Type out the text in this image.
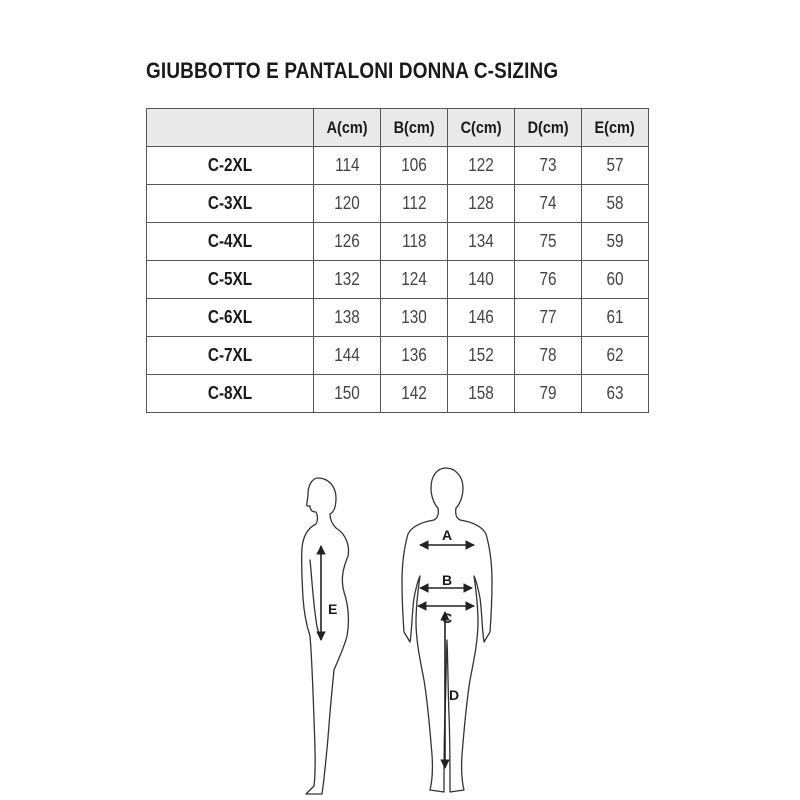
GIUBBOTTO E PANTALONI DONNA C-SIZING
	A(cm)	B(cm)	C(cm)	D(cm)	E(cm)
C-2XL	114	106	122	73	57
C-3XL	120	112	128	74	58
C-4XL	126	118	134	75	59
C-5XL	132	124	140	76	60
C-6XL	138	130	146	77	61
C-7XL	144	136	152	78	62
C-8XL	150	142	158	79	63
A
B
C
D
E
